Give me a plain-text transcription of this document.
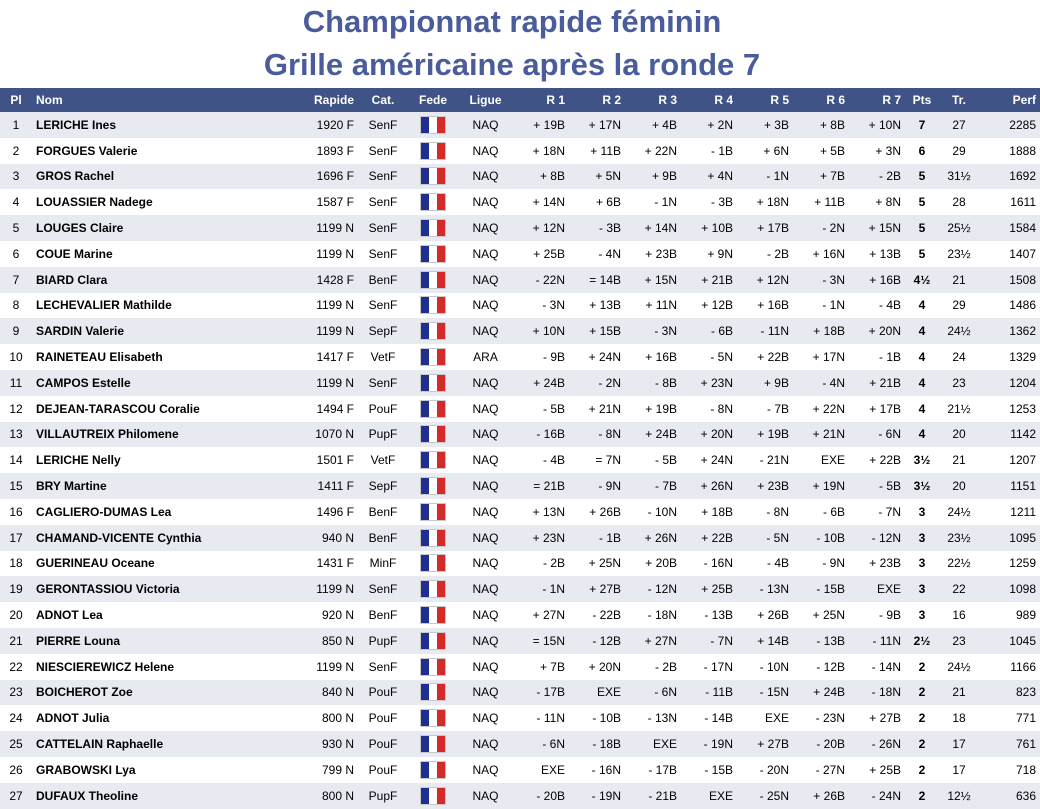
Championnat rapide féminin
Grille américaine après la ronde 7
Pl	Nom	Rapide	Cat.	Fede	Ligue	R 1	R 2	R 3	R 4	R 5	R 6	R 7	Pts	Tr.	Perf
1	LERICHE Ines	1920 F	SenF		NAQ	+ 19B	+ 17N	+ 4B	+ 2N	+ 3B	+ 8B	+ 10N	7	27	2285
2	FORGUES Valerie	1893 F	SenF		NAQ	+ 18N	+ 11B	+ 22N	- 1B	+ 6N	+ 5B	+ 3N	6	29	1888
3	GROS Rachel	1696 F	SenF		NAQ	+ 8B	+ 5N	+ 9B	+ 4N	- 1N	+ 7B	- 2B	5	31½	1692
4	LOUASSIER Nadege	1587 F	SenF		NAQ	+ 14N	+ 6B	- 1N	- 3B	+ 18N	+ 11B	+ 8N	5	28	1611
5	LOUGES Claire	1199 N	SenF		NAQ	+ 12N	- 3B	+ 14N	+ 10B	+ 17B	- 2N	+ 15N	5	25½	1584
6	COUE Marine	1199 N	SenF		NAQ	+ 25B	- 4N	+ 23B	+ 9N	- 2B	+ 16N	+ 13B	5	23½	1407
7	BIARD Clara	1428 F	BenF		NAQ	- 22N	= 14B	+ 15N	+ 21B	+ 12N	- 3N	+ 16B	4½	21	1508
8	LECHEVALIER Mathilde	1199 N	SenF		NAQ	- 3N	+ 13B	+ 11N	+ 12B	+ 16B	- 1N	- 4B	4	29	1486
9	SARDIN Valerie	1199 N	SepF		NAQ	+ 10N	+ 15B	- 3N	- 6B	- 11N	+ 18B	+ 20N	4	24½	1362
10	RAINETEAU Elisabeth	1417 F	VetF		ARA	- 9B	+ 24N	+ 16B	- 5N	+ 22B	+ 17N	- 1B	4	24	1329
11	CAMPOS Estelle	1199 N	SenF		NAQ	+ 24B	- 2N	- 8B	+ 23N	+ 9B	- 4N	+ 21B	4	23	1204
12	DEJEAN-TARASCOU Coralie	1494 F	PouF		NAQ	- 5B	+ 21N	+ 19B	- 8N	- 7B	+ 22N	+ 17B	4	21½	1253
13	VILLAUTREIX Philomene	1070 N	PupF		NAQ	- 16B	- 8N	+ 24B	+ 20N	+ 19B	+ 21N	- 6N	4	20	1142
14	LERICHE Nelly	1501 F	VetF		NAQ	- 4B	= 7N	- 5B	+ 24N	- 21N	EXE	+ 22B	3½	21	1207
15	BRY Martine	1411 F	SepF		NAQ	= 21B	- 9N	- 7B	+ 26N	+ 23B	+ 19N	- 5B	3½	20	1151
16	CAGLIERO-DUMAS Lea	1496 F	BenF		NAQ	+ 13N	+ 26B	- 10N	+ 18B	- 8N	- 6B	- 7N	3	24½	1211
17	CHAMAND-VICENTE Cynthia	940 N	BenF		NAQ	+ 23N	- 1B	+ 26N	+ 22B	- 5N	- 10B	- 12N	3	23½	1095
18	GUERINEAU Oceane	1431 F	MinF		NAQ	- 2B	+ 25N	+ 20B	- 16N	- 4B	- 9N	+ 23B	3	22½	1259
19	GERONTASSIOU Victoria	1199 N	SenF		NAQ	- 1N	+ 27B	- 12N	+ 25B	- 13N	- 15B	EXE	3	22	1098
20	ADNOT Lea	920 N	BenF		NAQ	+ 27N	- 22B	- 18N	- 13B	+ 26B	+ 25N	- 9B	3	16	989
21	PIERRE Louna	850 N	PupF		NAQ	= 15N	- 12B	+ 27N	- 7N	+ 14B	- 13B	- 11N	2½	23	1045
22	NIESCIEREWICZ Helene	1199 N	SenF		NAQ	+ 7B	+ 20N	- 2B	- 17N	- 10N	- 12B	- 14N	2	24½	1166
23	BOICHEROT Zoe	840 N	PouF		NAQ	- 17B	EXE	- 6N	- 11B	- 15N	+ 24B	- 18N	2	21	823
24	ADNOT Julia	800 N	PouF		NAQ	- 11N	- 10B	- 13N	- 14B	EXE	- 23N	+ 27B	2	18	771
25	CATTELAIN Raphaelle	930 N	PouF		NAQ	- 6N	- 18B	EXE	- 19N	+ 27B	- 20B	- 26N	2	17	761
26	GRABOWSKI Lya	799 N	PouF		NAQ	EXE	- 16N	- 17B	- 15B	- 20N	- 27N	+ 25B	2	17	718
27	DUFAUX Theoline	800 N	PupF		NAQ	- 20B	- 19N	- 21B	EXE	- 25N	+ 26B	- 24N	2	12½	636
